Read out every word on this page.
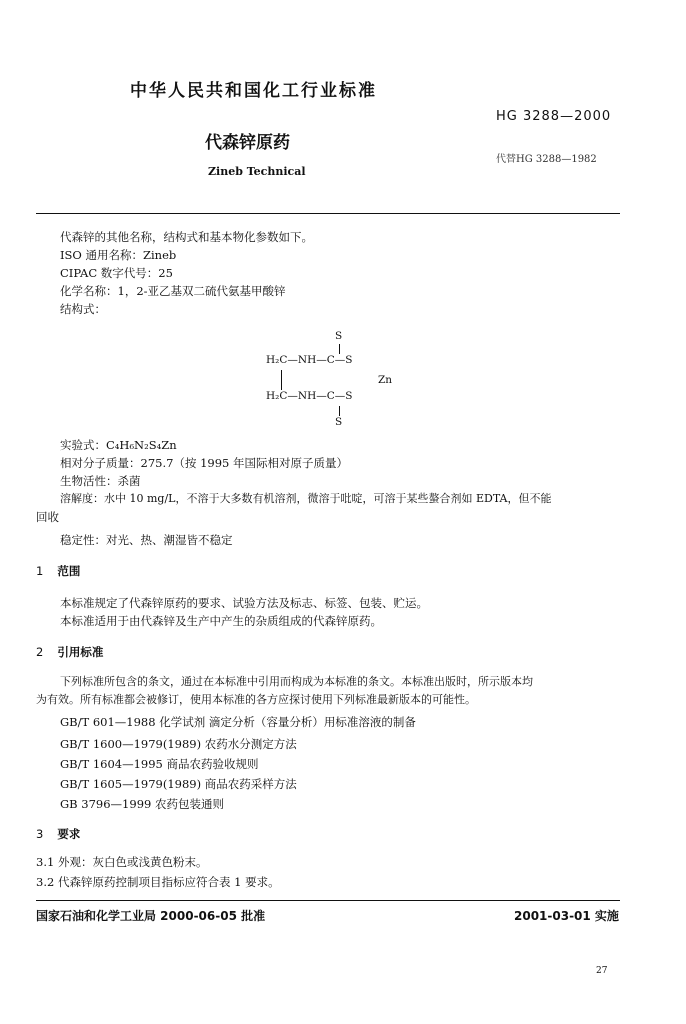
中华人民共和国化工行业标准
HG 3288—2000
代森锌原药
代替HG 3288—1982
Zineb Technical
代森锌的其他名称，结构式和基本物化参数如下。
ISO 通用名称：Zineb
CIPAC 数字代号：25
化学名称：1，2-亚乙基双二硫代氨基甲酸锌
结构式：
S
H₂C—NH—C—S
Zn
H₂C—NH—C—S
S
实验式：C₄H₆N₂S₄Zn
相对分子质量：275.7（按 1995 年国际相对原子质量）
生物活性：杀菌
溶解度：水中 10 mg/L，不溶于大多数有机溶剂，微溶于吡啶，可溶于某些螯合剂如 EDTA，但不能
回收
稳定性：对光、热、潮湿皆不稳定
1 范围
本标准规定了代森锌原药的要求、试验方法及标志、标签、包装、贮运。
本标准适用于由代森锌及生产中产生的杂质组成的代森锌原药。
2 引用标准
下列标准所包含的条文，通过在本标准中引用而构成为本标准的条文。本标准出版时，所示版本均
为有效。所有标准都会被修订，使用本标准的各方应探讨使用下列标准最新版本的可能性。
GB/T 601—1988 化学试剂 滴定分析（容量分析）用标准溶液的制备
GB/T 1600—1979(1989) 农药水分测定方法
GB/T 1604—1995 商品农药验收规则
GB/T 1605—1979(1989) 商品农药采样方法
GB 3796—1999 农药包装通则
3 要求
3.1 外观：灰白色或浅黄色粉末。
3.2 代森锌原药控制项目指标应符合表 1 要求。
国家石油和化学工业局 2000-06-05 批准	2001-03-01 实施
27
